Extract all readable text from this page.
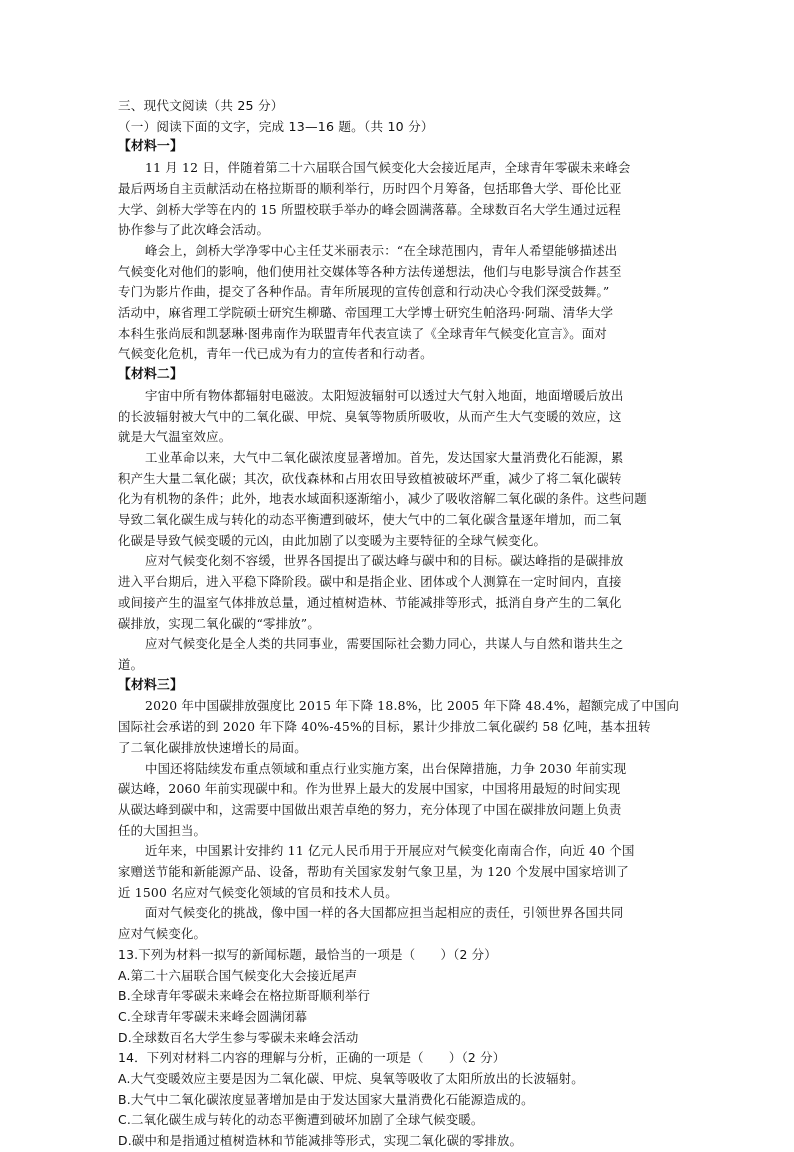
三、现代文阅读（共 25 分）
（一）阅读下面的文字，完成 13—16 题。（共 10 分）
【材料一】
11 月 12 日，伴随着第二十六届联合国气候变化大会接近尾声，全球青年零碳未来峰会
最后两场自主贡献活动在格拉斯哥的顺利举行，历时四个月筹备，包括耶鲁大学、哥伦比亚
大学、剑桥大学等在内的 15 所盟校联手举办的峰会圆满落幕。全球数百名大学生通过远程
协作参与了此次峰会活动。
峰会上，剑桥大学净零中心主任艾米丽表示：“在全球范围内，青年人希望能够描述出
气候变化对他们的影响，他们使用社交媒体等各种方法传递想法，他们与电影导演合作甚至
专门为影片作曲，提交了各种作品。青年所展现的宣传创意和行动决心令我们深受鼓舞。”
活动中，麻省理工学院硕士研究生柳璐、帝国理工大学博士研究生帕洛玛·阿瑞、清华大学
本科生张尚辰和凯瑟琳·图弗南作为联盟青年代表宣读了《全球青年气候变化宣言》。面对
气候变化危机，青年一代已成为有力的宣传者和行动者。
【材料二】
宇宙中所有物体都辐射电磁波。太阳短波辐射可以透过大气射入地面，地面增暖后放出
的长波辐射被大气中的二氧化碳、甲烷、臭氧等物质所吸收，从而产生大气变暖的效应，这
就是大气温室效应。
工业革命以来，大气中二氧化碳浓度显著增加。首先，发达国家大量消费化石能源，累
积产生大量二氧化碳；其次，砍伐森林和占用农田导致植被破坏严重，减少了将二氧化碳转
化为有机物的条件；此外，地表水域面积逐渐缩小，减少了吸收溶解二氧化碳的条件。这些问题
导致二氧化碳生成与转化的动态平衡遭到破坏，使大气中的二氧化碳含量逐年增加，而二氧
化碳是导致气候变暖的元凶，由此加剧了以变暖为主要特征的全球气候变化。
应对气候变化刻不容缓，世界各国提出了碳达峰与碳中和的目标。碳达峰指的是碳排放
进入平台期后，进入平稳下降阶段。碳中和是指企业、团体或个人测算在一定时间内，直接
或间接产生的温室气体排放总量，通过植树造林、节能减排等形式，抵消自身产生的二氧化
碳排放，实现二氧化碳的“零排放”。
应对气候变化是全人类的共同事业，需要国际社会勠力同心，共谋人与自然和谐共生之
道。
【材料三】
2020 年中国碳排放强度比 2015 年下降 18.8%，比 2005 年下降 48.4%，超额完成了中国向
国际社会承诺的到 2020 年下降 40%-45%的目标，累计少排放二氧化碳约 58 亿吨，基本扭转
了二氧化碳排放快速增长的局面。
中国还将陆续发布重点领域和重点行业实施方案，出台保障措施，力争 2030 年前实现
碳达峰，2060 年前实现碳中和。作为世界上最大的发展中国家，中国将用最短的时间实现
从碳达峰到碳中和，这需要中国做出艰苦卓绝的努力，充分体现了中国在碳排放问题上负责
任的大国担当。
近年来，中国累计安排约 11 亿元人民币用于开展应对气候变化南南合作，向近 40 个国
家赠送节能和新能源产品、设备，帮助有关国家发射气象卫星，为 120 个发展中国家培训了
近 1500 名应对气候变化领域的官员和技术人员。
面对气候变化的挑战，像中国一样的各大国都应担当起相应的责任，引领世界各国共同
应对气候变化。
13.下列为材料一拟写的新闻标题，最恰当的一项是（　　）（2 分）
A.第二十六届联合国气候变化大会接近尾声
B.全球青年零碳未来峰会在格拉斯哥顺利举行
C.全球青年零碳未来峰会圆满闭幕
D.全球数百名大学生参与零碳未来峰会活动
14．下列对材料二内容的理解与分析，正确的一项是（　　）（2 分）
A.大气变暖效应主要是因为二氧化碳、甲烷、臭氧等吸收了太阳所放出的长波辐射。
B.大气中二氧化碳浓度显著增加是由于发达国家大量消费化石能源造成的。
C.二氧化碳生成与转化的动态平衡遭到破坏加剧了全球气候变暖。
D.碳中和是指通过植树造林和节能减排等形式，实现二氧化碳的零排放。
